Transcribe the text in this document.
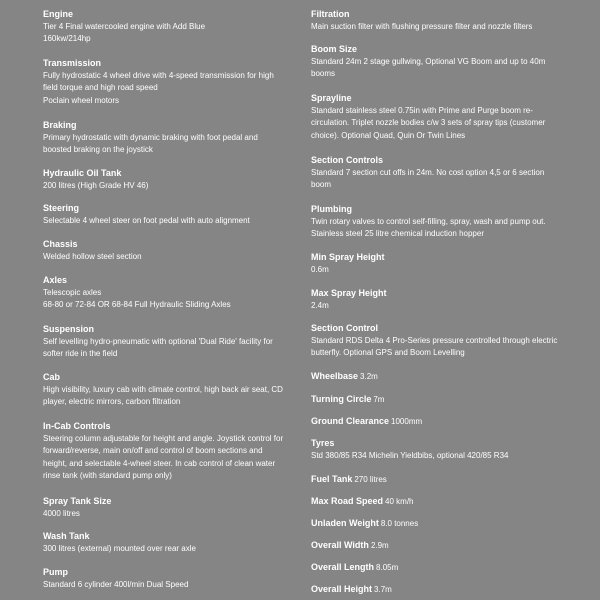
Engine
Tier 4 Final watercooled engine with Add Blue
160kw/214hp
Transmission
Fully hydrostatic 4 wheel drive with 4-speed transmission for high
field torque and high road speed
Poclain wheel motors
Braking
Primary hydrostatic with dynamic braking with foot pedal and
boosted braking on the joystick
Hydraulic Oil Tank
200 litres (High Grade HV 46)
Steering
Selectable 4 wheel steer on foot pedal with auto alignment
Chassis
Welded hollow steel section
Axles
Telescopic axles
68-80 or 72-84 OR 68-84 Full Hydraulic Sliding Axles
Suspension
Self levelling hydro-pneumatic with optional 'Dual Ride' facility for
softer ride in the field
Cab
High visibility, luxury cab with climate control, high back air seat, CD
player, electric mirrors, carbon filtration
In-Cab Controls
Steering column adjustable for height and angle. Joystick control for
forward/reverse, main on/off and control of boom sections and
height, and selectable 4-wheel steer. In cab control of clean water
rinse tank (with standard pump only)
Spray Tank Size
4000 litres
Wash Tank
300 litres (external) mounted over rear axle
Pump
Standard 6 cylinder 400l/min Dual Speed
Filtration
Main suction filter with flushing pressure filter and nozzle filters
Boom Size
Standard 24m 2 stage gullwing, Optional VG Boom and up to 40m
booms
Sprayline
Standard stainless steel 0.75in with Prime and Purge boom re-
circulation. Triplet nozzle bodies c/w 3 sets of spray tips (customer
choice). Optional Quad, Quin Or Twin Lines
Section Controls
Standard 7 section cut offs in 24m. No cost option 4,5 or 6 section
boom
Plumbing
Twin rotary valves to control self-filling, spray, wash and pump out.
Stainless steel 25 litre chemical induction hopper
Min Spray Height
0.6m
Max Spray Height
2.4m
Section Control
Standard RDS Delta 4 Pro-Series pressure controlled through electric
butterfly. Optional GPS and Boom Levelling
Wheelbase 3.2m
Turning Circle 7m
Ground Clearance 1000mm
Tyres
Std 380/85 R34 Michelin Yieldbibs, optional 420/85 R34
Fuel Tank 270 litres
Max Road Speed 40 km/h
Unladen Weight 8.0 tonnes
Overall Width 2.9m
Overall Length 8.05m
Overall Height 3.7m
